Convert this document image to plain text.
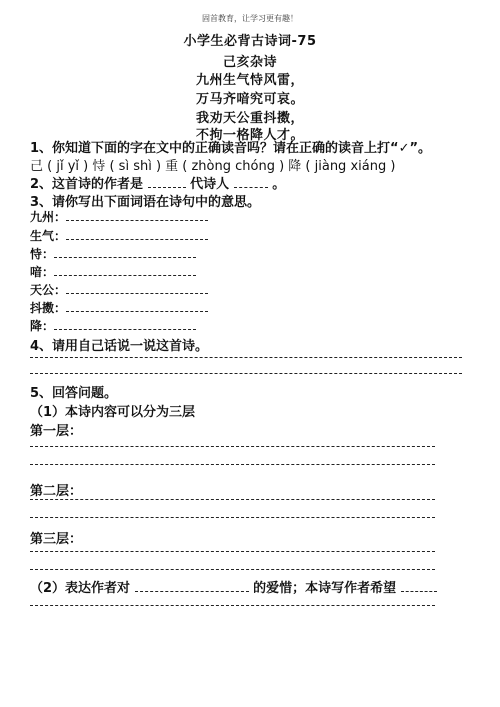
固首教育，让学习更有趣！
小学生必背古诗词-75
己亥杂诗
九州生气恃风雷，
万马齐喑究可哀。
我劝天公重抖擞，
不拘一格降人才。
1、你知道下面的字在文中的正确读音吗？请在正确的读音上打“✓”。
己 ( jǐ yǐ ) 恃 ( sì shì ) 重 ( zhòng chóng ) 降 ( jiàng xiáng )
2、这首诗的作者是	代诗人	。
3、请你写出下面词语在诗句中的意思。
九州：
生气：
恃：
喑：
天公：
抖擞：
降：
4、请用自己话说一说这首诗。
5、回答问题。
（1）本诗内容可以分为三层
第一层：
第二层：
第三层：
（2）表达作者对	的爱惜；本诗写作者希望
